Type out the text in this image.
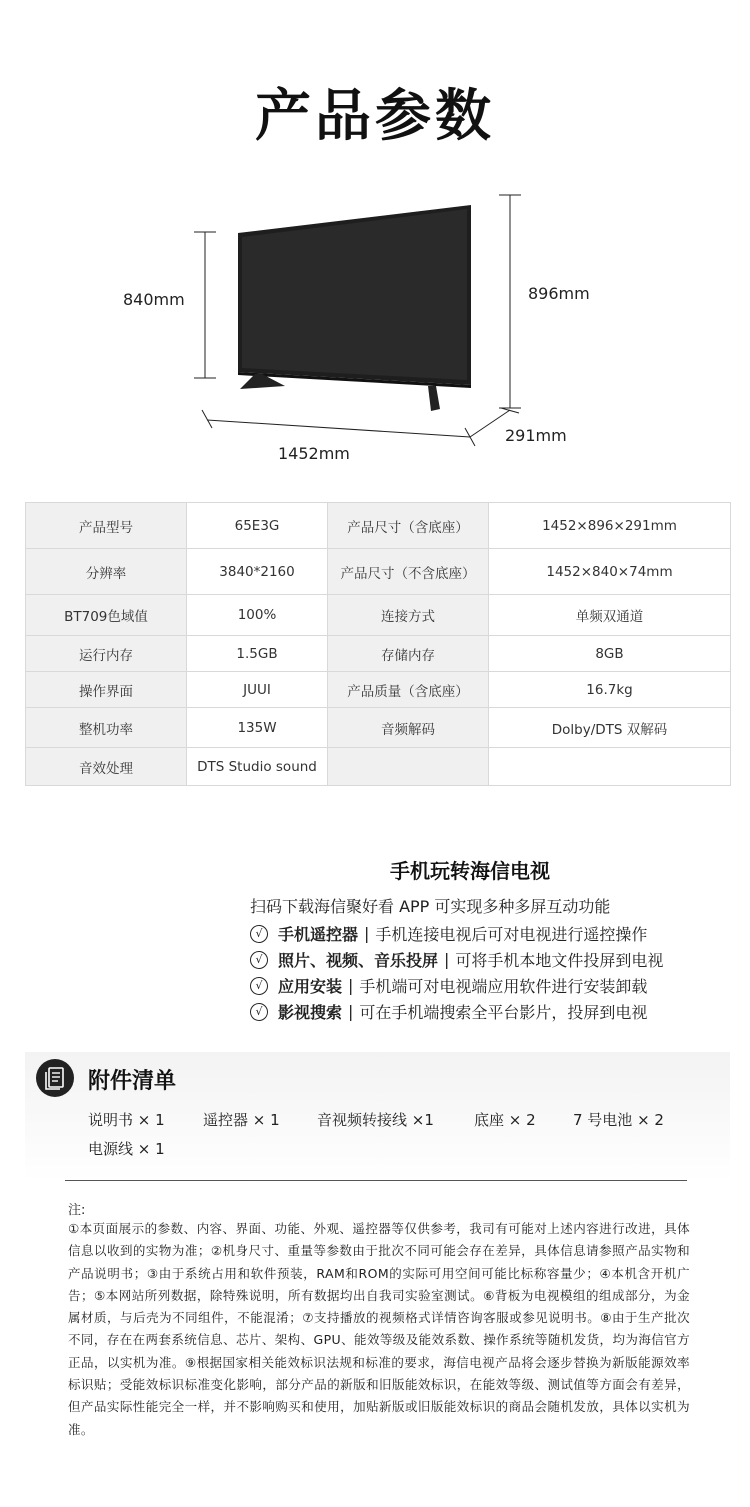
产品参数
840mm	896mm
1452mm
291mm
产品型号	65E3G	产品尺寸（含底座）	1452×896×291mm
分辨率	3840*2160	产品尺寸（不含底座）	1452×840×74mm
BT709色域值	100%	连接方式	单频双通道
运行内存	1.5GB	存储内存	8GB
操作界面	JUUI	产品质量（含底座）	16.7kg
整机功率	135W	音频解码	Dolby/DTS 双解码
音效处理	DTS Studio sound		
手机玩转海信电视
扫码下载海信聚好看 APP 可实现多种多屏互动功能
√ 手机遥控器 | 手机连接电视后可对电视进行遥控操作
√ 照片、视频、音乐投屏 | 可将手机本地文件投屏到电视
√ 应用安装 | 手机端可对电视端应用软件进行安装卸载
√ 影视搜索 | 可在手机端搜索全平台影片，投屏到电视
附件清单
说明书 × 1	遥控器 × 1 音视频转接线 ×1	底座 × 2 7 号电池 × 2
电源线 × 1
注:
①本页面展示的参数、内容、界面、功能、外观、遥控器等仅供参考，我司有可能对上述内容进行改进，具体信息以收到的实物为准；②机身尺寸、重量等参数由于批次不同可能会存在差异，具体信息请参照产品实物和产品说明书；③由于系统占用和软件预装，RAM和ROM的实际可用空间可能比标称容量少；④本机含开机广告；⑤本网站所列数据，除特殊说明，所有数据均出自我司实验室测试。⑥背板为电视模组的组成部分，为金属材质，与后壳为不同组件，不能混淆；⑦支持播放的视频格式详情咨询客服或参见说明书。⑧由于生产批次不同，存在在两套系统信息、芯片、架构、GPU、能效等级及能效系数、操作系统等随机发货，均为海信官方正品，以实机为准。⑨根据国家相关能效标识法规和标准的要求，海信电视产品将会逐步替换为新版能源效率标识贴；受能效标识标准变化影响，部分产品的新版和旧版能效标识，在能效等级、测试值等方面会有差异，但产品实际性能完全一样，并不影响购买和使用，加贴新版或旧版能效标识的商品会随机发放，具体以实机为准。
